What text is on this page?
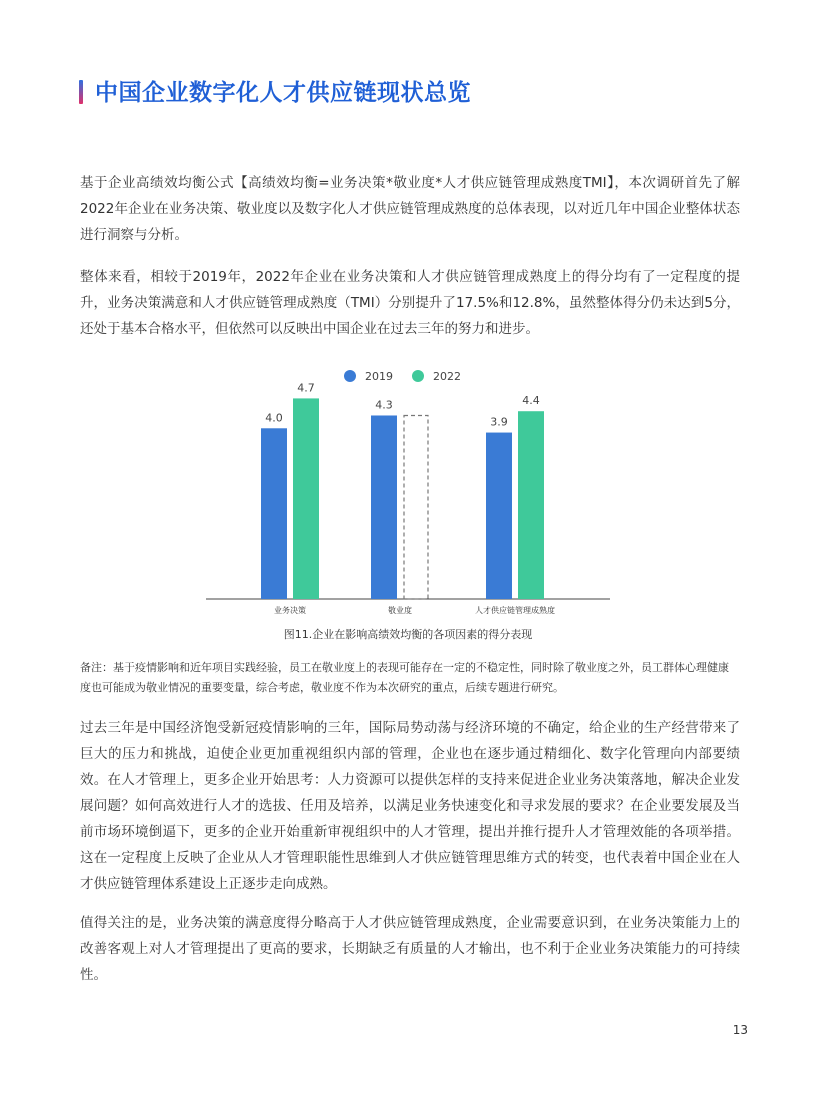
中国企业数字化人才供应链现状总览

基于企业高绩效均衡公式【高绩效均衡=业务决策*敬业度*人才供应链管理成熟度TMI】，本次调研首先了解2022年企业在业务决策、敬业度以及数字化人才供应链管理成熟度的总体表现，以对近几年中国企业整体状态进行洞察与分析。

整体来看，相较于2019年，2022年企业在业务决策和人才供应链管理成熟度上的得分均有了一定程度的提升，业务决策满意和人才供应链管理成熟度（TMI）分别提升了17.5%和12.8%，虽然整体得分仍未达到5分，还处于基本合格水平，但依然可以反映出中国企业在过去三年的努力和进步。

2019	2022
4.0
4.7
业务决策
4.3
敬业度
3.9
4.4
人才供应链管理成熟度

图11.企业在影响高绩效均衡的各项因素的得分表现

备注：基于疫情影响和近年项目实践经验，员工在敬业度上的表现可能存在一定的不稳定性，同时除了敬业度之外，员工群体心理健康度也可能成为敬业情况的重要变量，综合考虑，敬业度不作为本次研究的重点，后续专题进行研究。

过去三年是中国经济饱受新冠疫情影响的三年，国际局势动荡与经济环境的不确定，给企业的生产经营带来了巨大的压力和挑战，迫使企业更加重视组织内部的管理，企业也在逐步通过精细化、数字化管理向内部要绩效。在人才管理上，更多企业开始思考：人力资源可以提供怎样的支持来促进企业业务决策落地，解决企业发展问题？如何高效进行人才的选拔、任用及培养，以满足业务快速变化和寻求发展的要求？在企业要发展及当前市场环境倒逼下，更多的企业开始重新审视组织中的人才管理，提出并推行提升人才管理效能的各项举措。这在一定程度上反映了企业从人才管理职能性思维到人才供应链管理思维方式的转变，也代表着中国企业在人才供应链管理体系建设上正逐步走向成熟。

值得关注的是，业务决策的满意度得分略高于人才供应链管理成熟度，企业需要意识到，在业务决策能力上的改善客观上对人才管理提出了更高的要求，长期缺乏有质量的人才输出，也不利于企业业务决策能力的可持续性。

13
